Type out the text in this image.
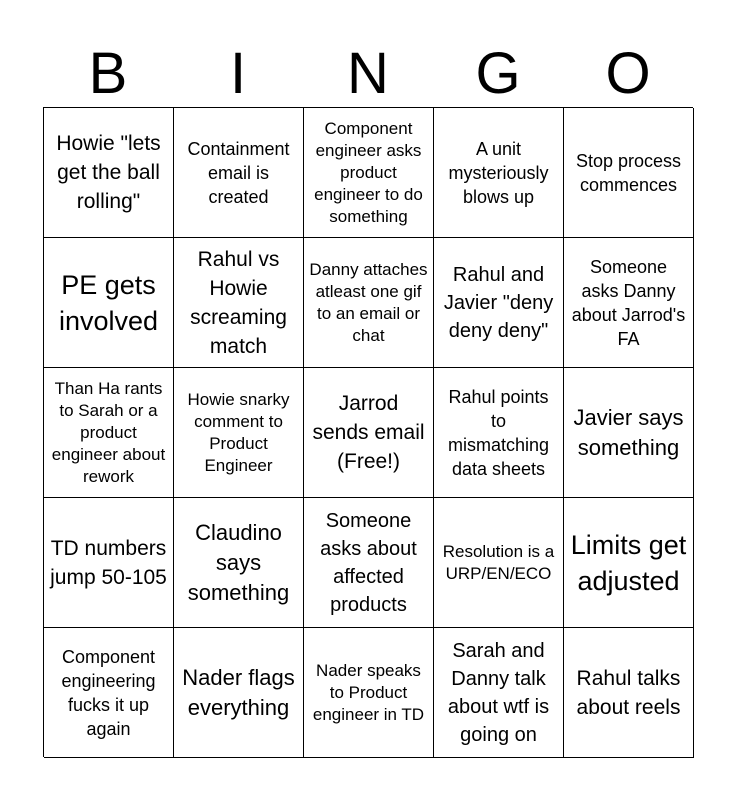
B	I	N	G	O
Howie "lets get the ball rolling"
Containment email is created
Component engineer asks product engineer to do something
A unit mysteriously blows up
Stop process commences
PE gets involved
Rahul vs Howie screaming match
Danny attaches atleast one gif to an email or chat
Rahul and Javier "deny deny deny"
Someone asks Danny about Jarrod's FA
Than Ha rants to Sarah or a product engineer about rework
Howie snarky comment to Product Engineer
Jarrod sends email (Free!)
Rahul points to mismatching data sheets
Javier says something
TD numbers jump 50-105
Claudino says something
Someone asks about affected products
Resolution is a URP/EN/ECO
Limits get adjusted
Component engineering fucks it up again
Nader flags everything
Nader speaks to Product engineer in TD
Sarah and Danny talk about wtf is going on
Rahul talks about reels
